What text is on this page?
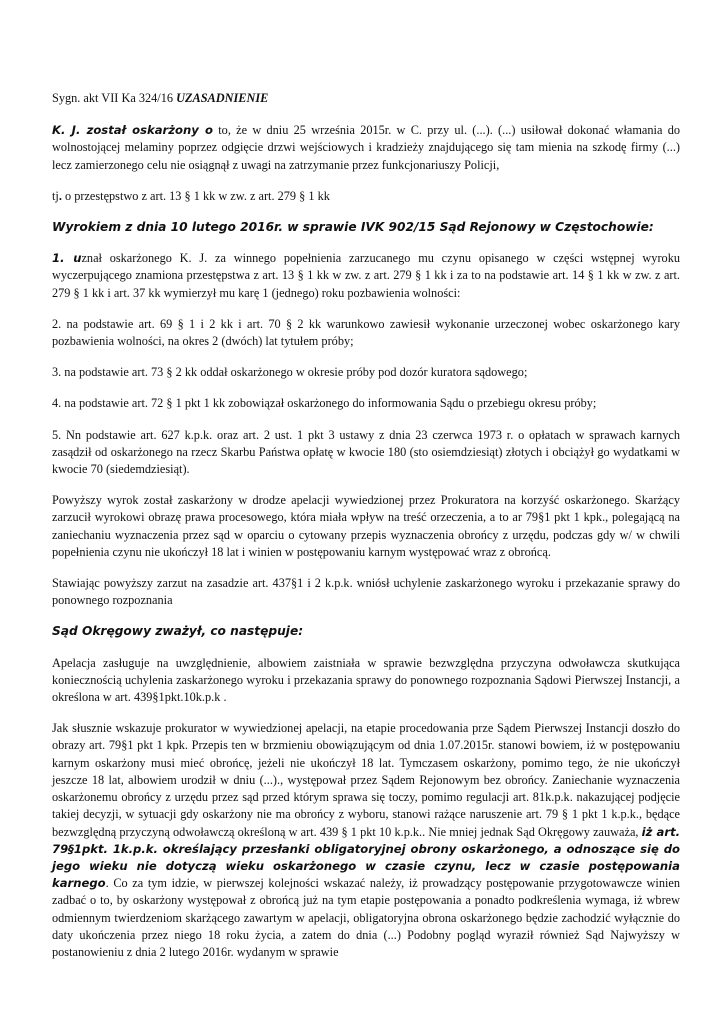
Sygn. akt VII Ka 324/16 UZASADNIENIE

K. J. został oskarżony o to, że w dniu 25 września 2015r. w C. przy ul. (...). (...) usiłował dokonać włamania do wolnostojącej melaminy poprzez odgięcie drzwi wejściowych i kradzieży znajdującego się tam mienia na szkodę firmy (...) lecz zamierzonego celu nie osiągnął z uwagi na zatrzymanie przez funkcjonariuszy Policji,

tj. o przestępstwo z art. 13 § 1 kk w zw. z art. 279 § 1 kk

Wyrokiem z dnia 10 lutego 2016r. w sprawie IVK 902/15 Sąd Rejonowy w Częstochowie:

1. uznał oskarżonego K. J. za winnego popełnienia zarzucanego mu czynu opisanego w części wstępnej wyroku wyczerpującego znamiona przestępstwa z art. 13 § 1 kk w zw. z art. 279 § 1 kk i za to na podstawie art. 14 § 1 kk w zw. z art. 279 § 1 kk i art. 37 kk wymierzył mu karę 1 (jednego) roku pozbawienia wolności:

2. na podstawie art. 69 § 1 i 2 kk i art. 70 § 2 kk warunkowo zawiesił wykonanie urzeczonej wobec oskarżonego kary pozbawienia wolności, na okres 2 (dwóch) lat tytułem próby;

3. na podstawie art. 73 § 2 kk oddał oskarżonego w okresie próby pod dozór kuratora sądowego;

4. na podstawie art. 72 § 1 pkt 1 kk zobowiązał oskarżonego do informowania Sądu o przebiegu okresu próby;

5. Nn podstawie art. 627 k.p.k. oraz art. 2 ust. 1 pkt 3 ustawy z dnia 23 czerwca 1973 r. o opłatach w sprawach karnych zasądził od oskarżonego na rzecz Skarbu Państwa opłatę w kwocie 180 (sto osiemdziesiąt) złotych i obciążył go wydatkami w kwocie 70 (siedemdziesiąt).

Powyższy wyrok został zaskarżony w drodze apelacji wywiedzionej przez Prokuratora na korzyść oskarżonego. Skarżący zarzucił wyrokowi obrazę prawa procesowego, która miała wpływ na treść orzeczenia, a to ar 79§1 pkt 1 kpk., polegającą na zaniechaniu wyznaczenia przez sąd w oparciu o cytowany przepis wyznaczenia obrońcy z urzędu, podczas gdy w/ w chwili popełnienia czynu nie ukończył 18 lat i winien w postępowaniu karnym występować wraz z obrońcą.

Stawiając powyższy zarzut na zasadzie art. 437§1 i 2 k.p.k. wniósł uchylenie zaskarżonego wyroku i przekazanie sprawy do ponownego rozpoznania

Sąd Okręgowy zważył, co następuje:

Apelacja zasługuje na uwzględnienie, albowiem zaistniała w sprawie bezwzględna przyczyna odwoławcza skutkująca koniecznością uchylenia zaskarżonego wyroku i przekazania sprawy do ponownego rozpoznania Sądowi Pierwszej Instancji, a określona w art. 439§1pkt.10k.p.k .

Jak słusznie wskazuje prokurator w wywiedzionej apelacji, na etapie procedowania prze Sądem Pierwszej Instancji doszło do obrazy art. 79§1 pkt 1 kpk. Przepis ten w brzmieniu obowiązującym od dnia 1.07.2015r. stanowi bowiem, iż w postępowaniu karnym oskarżony musi mieć obrońcę, jeżeli nie ukończył 18 lat. Tymczasem oskarżony, pomimo tego, że nie ukończył jeszcze 18 lat, albowiem urodził w dniu (...)., występował przez Sądem Rejonowym bez obrońcy. Zaniechanie wyznaczenia oskarżonemu obrońcy z urzędu przez sąd przed którym sprawa się toczy, pomimo regulacji art. 81k.p.k. nakazującej podjęcie takiej decyzji, w sytuacji gdy oskarżony nie ma obrońcy z wyboru, stanowi rażące naruszenie art. 79 § 1 pkt 1 k.p.k., będące bezwzględną przyczyną odwoławczą określoną w art. 439 § 1 pkt 10 k.p.k.. Nie mniej jednak Sąd Okręgowy zauważa, iż art. 79§1pkt. 1k.p.k. określający przesłanki obligatoryjnej obrony oskarżonego, a odnoszące się do jego wieku nie dotyczą wieku oskarżonego w czasie czynu, lecz w czasie postępowania karnego. Co za tym idzie, w pierwszej kolejności wskazać należy, iż prowadzący postępowanie przygotowawcze winien zadbać o to, by oskarżony występował z obrońcą już na tym etapie postępowania a ponadto podkreślenia wymaga, iż wbrew odmiennym twierdzeniom skarżącego zawartym w apelacji, obligatoryjna obrona oskarżonego będzie zachodzić wyłącznie do daty ukończenia przez niego 18 roku życia, a zatem do dnia (...) Podobny pogląd wyraził również Sąd Najwyższy w postanowieniu z dnia 2 lutego 2016r. wydanym w sprawie
